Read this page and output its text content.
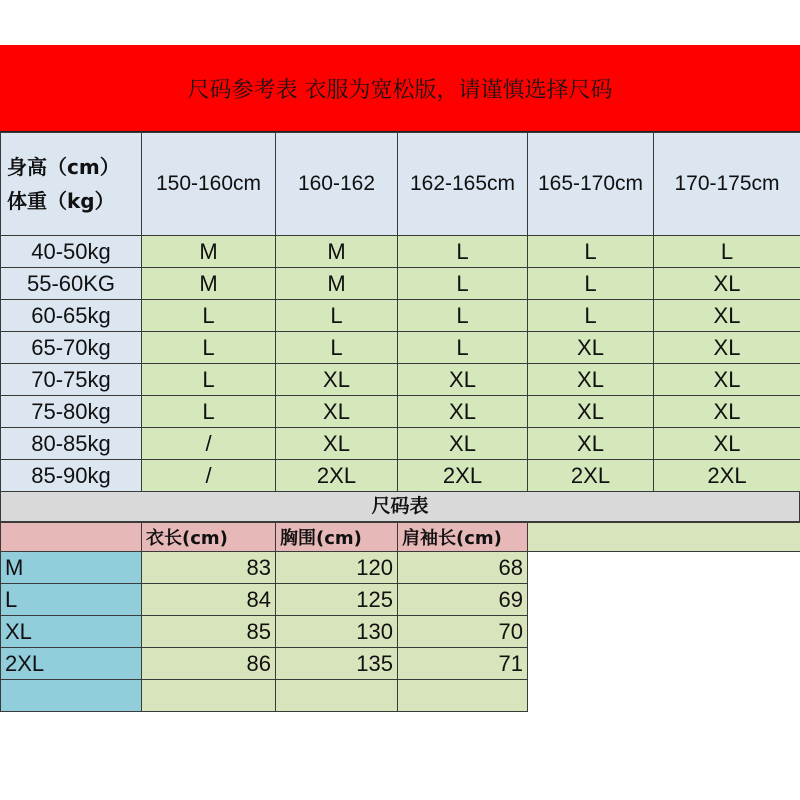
尺码参考表 衣服为宽松版，请谨慎选择尺码
身高（cm）
体重（kg）	150-160cm	160-162	162-165cm	165-170cm	170-175cm
40-50kg	M	M	L	L	L
55-60KG	M	M	L	L	XL
60-65kg	L	L	L	L	XL
65-70kg	L	L	L	XL	XL
70-75kg	L	XL	XL	XL	XL
75-80kg	L	XL	XL	XL	XL
80-85kg	/	XL	XL	XL	XL
85-90kg	/	2XL	2XL	2XL	2XL
尺码表
	衣长(cm)	胸围(cm)	肩袖长(cm)	
M	83	120	68	
L	84	125	69	
XL	85	130	70	
2XL	86	135	71	
